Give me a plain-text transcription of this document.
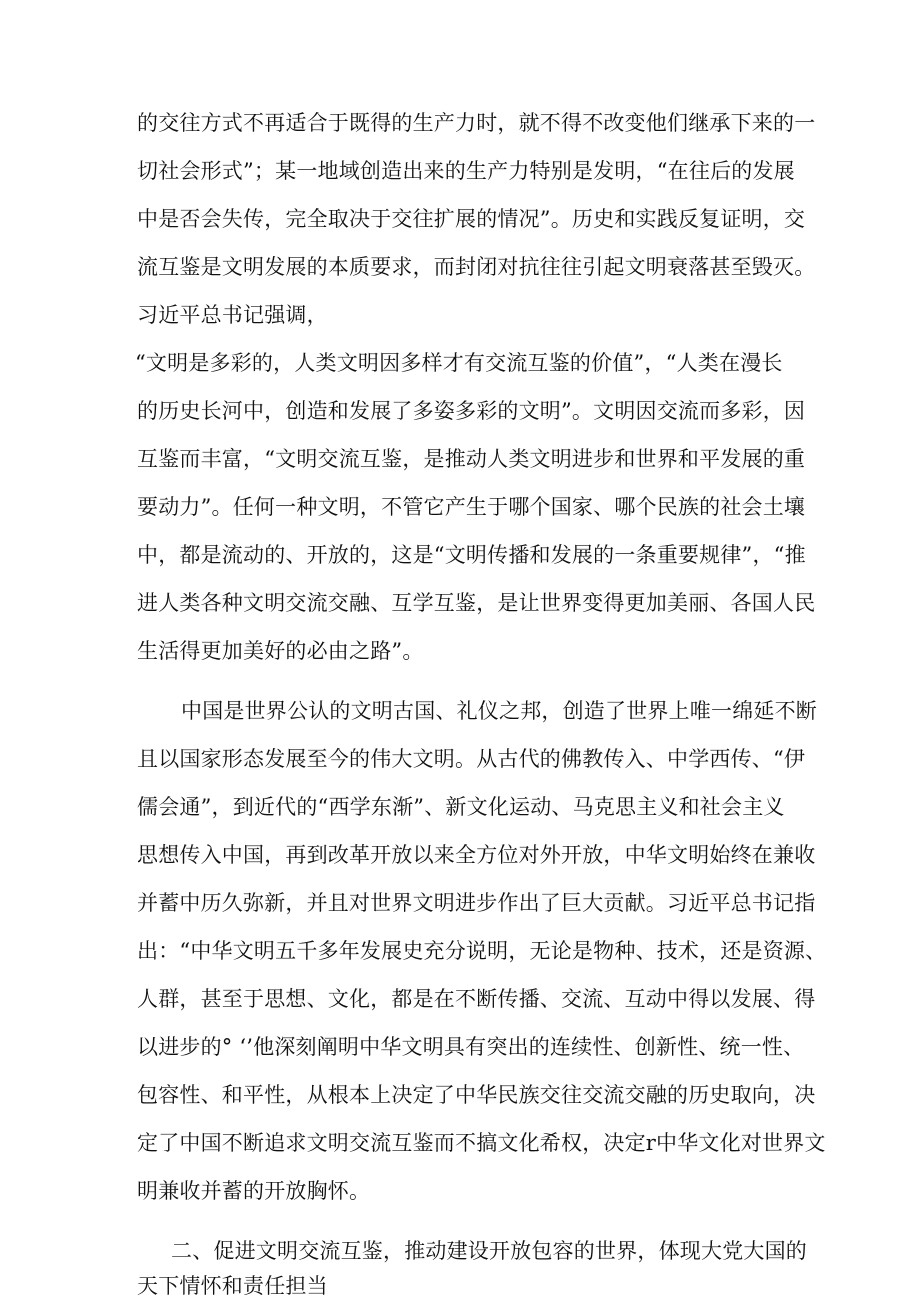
的交往方式不再适合于既得的生产力时，就不得不改变他们继承下来的一
切社会形式”；某一地域创造出来的生产力特别是发明，“在往后的发展
中是否会失传，完全取决于交往扩展的情况”。历史和实践反复证明，交
流互鉴是文明发展的本质要求，而封闭对抗往往引起文明衰落甚至毁灭。
习近平总书记强调，
“文明是多彩的，人类文明因多样才有交流互鉴的价值”，“人类在漫长
的历史长河中，创造和发展了多姿多彩的文明”。文明因交流而多彩，因
互鉴而丰富，“文明交流互鉴，是推动人类文明进步和世界和平发展的重
要动力”。任何一种文明，不管它产生于哪个国家、哪个民族的社会土壤
中，都是流动的、开放的，这是“文明传播和发展的一条重要规律”，“推
进人类各种文明交流交融、互学互鉴，是让世界变得更加美丽、各国人民
生活得更加美好的必由之路”。
中国是世界公认的文明古国、礼仪之邦，创造了世界上唯一绵延不断
且以国家形态发展至今的伟大文明。从古代的佛教传入、中学西传、“伊
儒会通”，到近代的“西学东渐”、新文化运动、马克思主义和社会主义
思想传入中国，再到改革开放以来全方位对外开放，中华文明始终在兼收
并蓄中历久弥新，并且对世界文明进步作出了巨大贡献。习近平总书记指
出：“中华文明五千多年发展史充分说明，无论是物种、技术，还是资源、
人群，甚至于思想、文化，都是在不断传播、交流、互动中得以发展、得
以进步的° ‘’他深刻阐明中华文明具有突出的连续性、创新性、统一性、
包容性、和平性，从根本上决定了中华民族交往交流交融的历史取向，决
定了中国不断追求文明交流互鉴而不搞文化希权，决定r中华文化对世界文
明兼收并蓄的开放胸怀。
二、促进文明交流互鉴，推动建设开放包容的世界，体现大党大国的
天下情怀和责任担当
